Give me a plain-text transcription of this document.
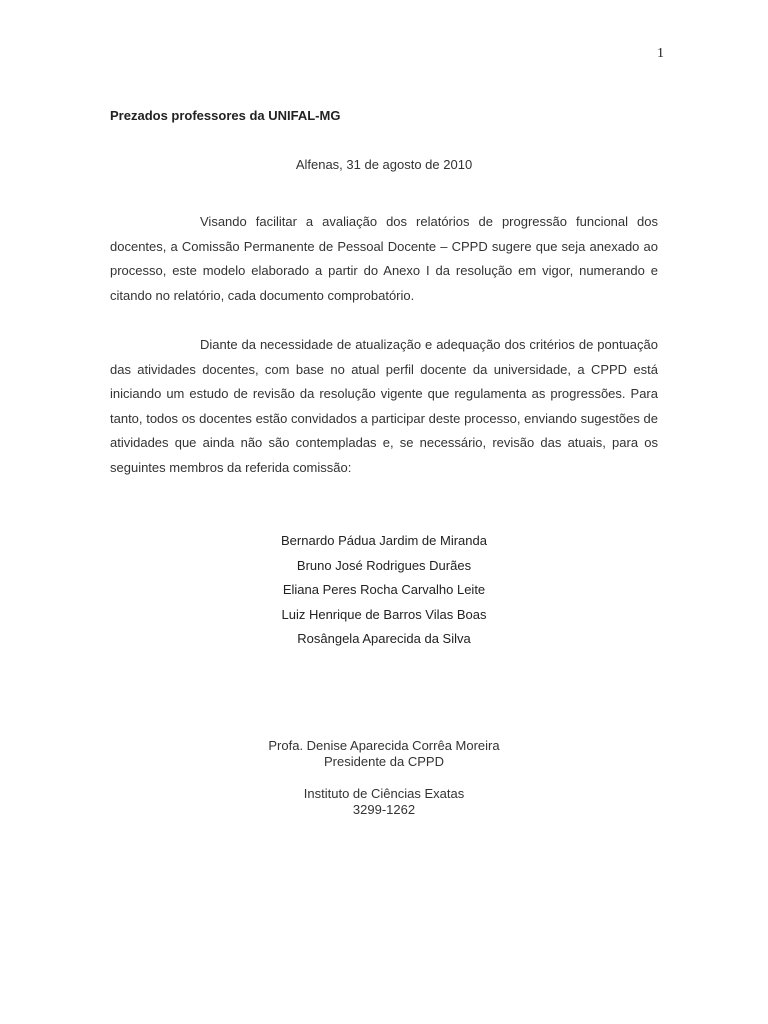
1
Prezados professores da UNIFAL-MG
Alfenas, 31 de agosto de 2010

Visando facilitar a avaliação dos relatórios de progressão funcional dos docentes, a Comissão Permanente de Pessoal Docente – CPPD sugere que seja anexado ao processo, este modelo elaborado a partir do Anexo I da resolução em vigor, numerando e citando no relatório, cada documento comprobatório.

Diante da necessidade de atualização e adequação dos critérios de pontuação das atividades docentes, com base no atual perfil docente da universidade, a CPPD está iniciando um estudo de revisão da resolução vigente que regulamenta as progressões. Para tanto, todos os docentes estão convidados a participar deste processo, enviando sugestões de atividades que ainda não são contempladas e, se necessário, revisão das atuais, para os seguintes membros da referida comissão:

Bernardo Pádua Jardim de Miranda
Bruno José Rodrigues Durães
Eliana Peres Rocha Carvalho Leite
Luiz Henrique de Barros Vilas Boas
Rosângela Aparecida da Silva
Profa. Denise Aparecida Corrêa Moreira
Presidente da CPPD
Instituto de Ciências Exatas
3299-1262
